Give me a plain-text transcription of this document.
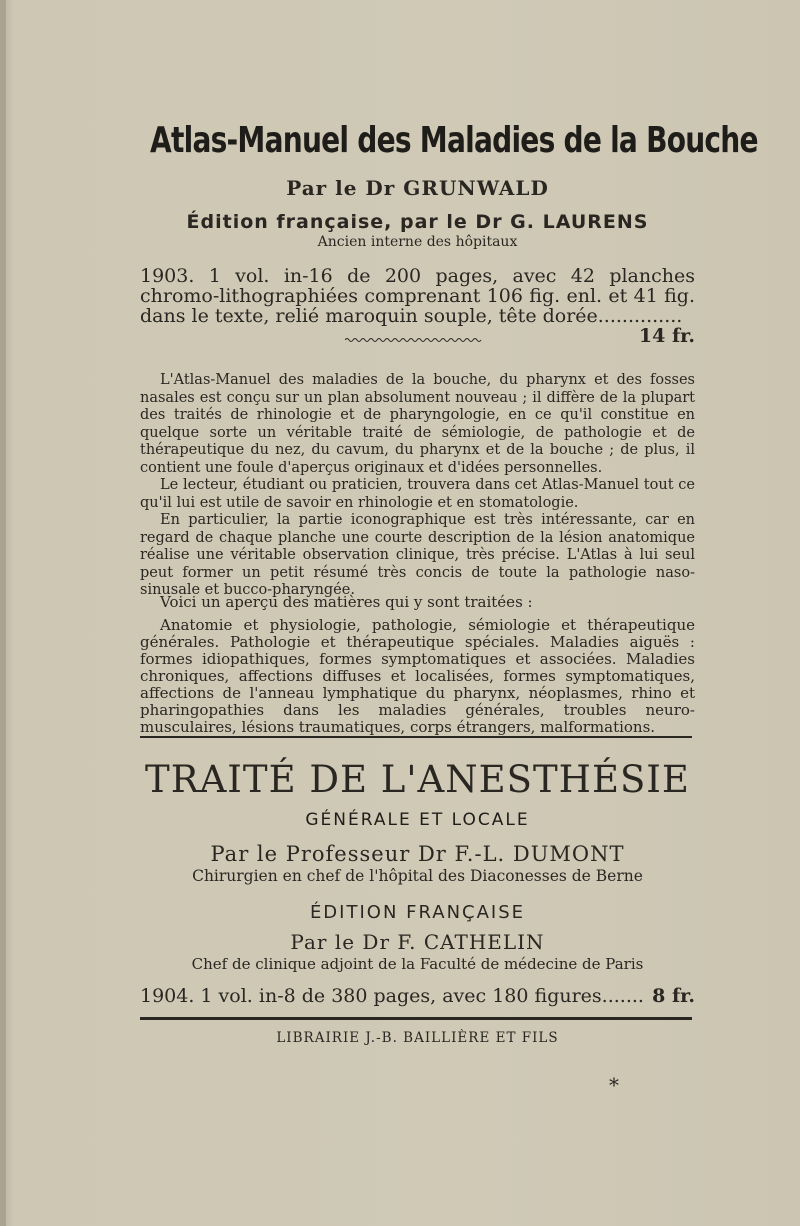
Atlas-Manuel des Maladies de la Bouche
Par le Dr GRUNWALD
Édition française, par le Dr G. LAURENS
Ancien interne des hôpitaux
1903. 1 vol. in-16 de 200 pages, avec 42 planches chromo-lithographiées comprenant 106 fig. enl. et 41 fig. dans le texte, relié maroquin souple, tête dorée..............
14 fr.
L'Atlas-Manuel des maladies de la bouche, du pharynx et des fosses nasales est conçu sur un plan absolument nouveau ; il diffère de la plupart des traités de rhinologie et de pharyngologie, en ce qu'il constitue en quelque sorte un véritable traité de sémiologie, de pathologie et de thérapeutique du nez, du cavum, du pharynx et de la bouche ; de plus, il contient une foule d'aperçus originaux et d'idées personnelles.
Le lecteur, étudiant ou praticien, trouvera dans cet Atlas-Manuel tout ce qu'il lui est utile de savoir en rhinologie et en stomatologie.
En particulier, la partie iconographique est très intéressante, car en regard de chaque planche une courte description de la lésion anatomique réalise une véritable observation clinique, très précise. L'Atlas à lui seul peut former un petit résumé très concis de toute la pathologie naso-sinusale et bucco-pharyngée.
Voici un aperçu des matières qui y sont traitées :
Anatomie et physiologie, pathologie, sémiologie et thérapeutique générales. Pathologie et thérapeutique spéciales. Maladies aiguës : formes idiopathiques, formes symptomatiques et associées. Maladies chroniques, affections diffuses et localisées, formes symptomatiques, affections de l'anneau lymphatique du pharynx, néoplasmes, rhino et pharingopathies dans les maladies générales, troubles neuro-musculaires, lésions traumatiques, corps étrangers, malformations.
TRAITÉ DE L'ANESTHÉSIE
GÉNÉRALE ET LOCALE
Par le Professeur Dr F.-L. DUMONT
Chirurgien en chef de l'hôpital des Diaconesses de Berne
ÉDITION FRANÇAISE
Par le Dr F. CATHELIN
Chef de clinique adjoint de la Faculté de médecine de Paris
1904. 1 vol. in-8 de 380 pages, avec 180 figures....... 8 fr.
LIBRAIRIE J.-B. BAILLIÈRE ET FILS
*
